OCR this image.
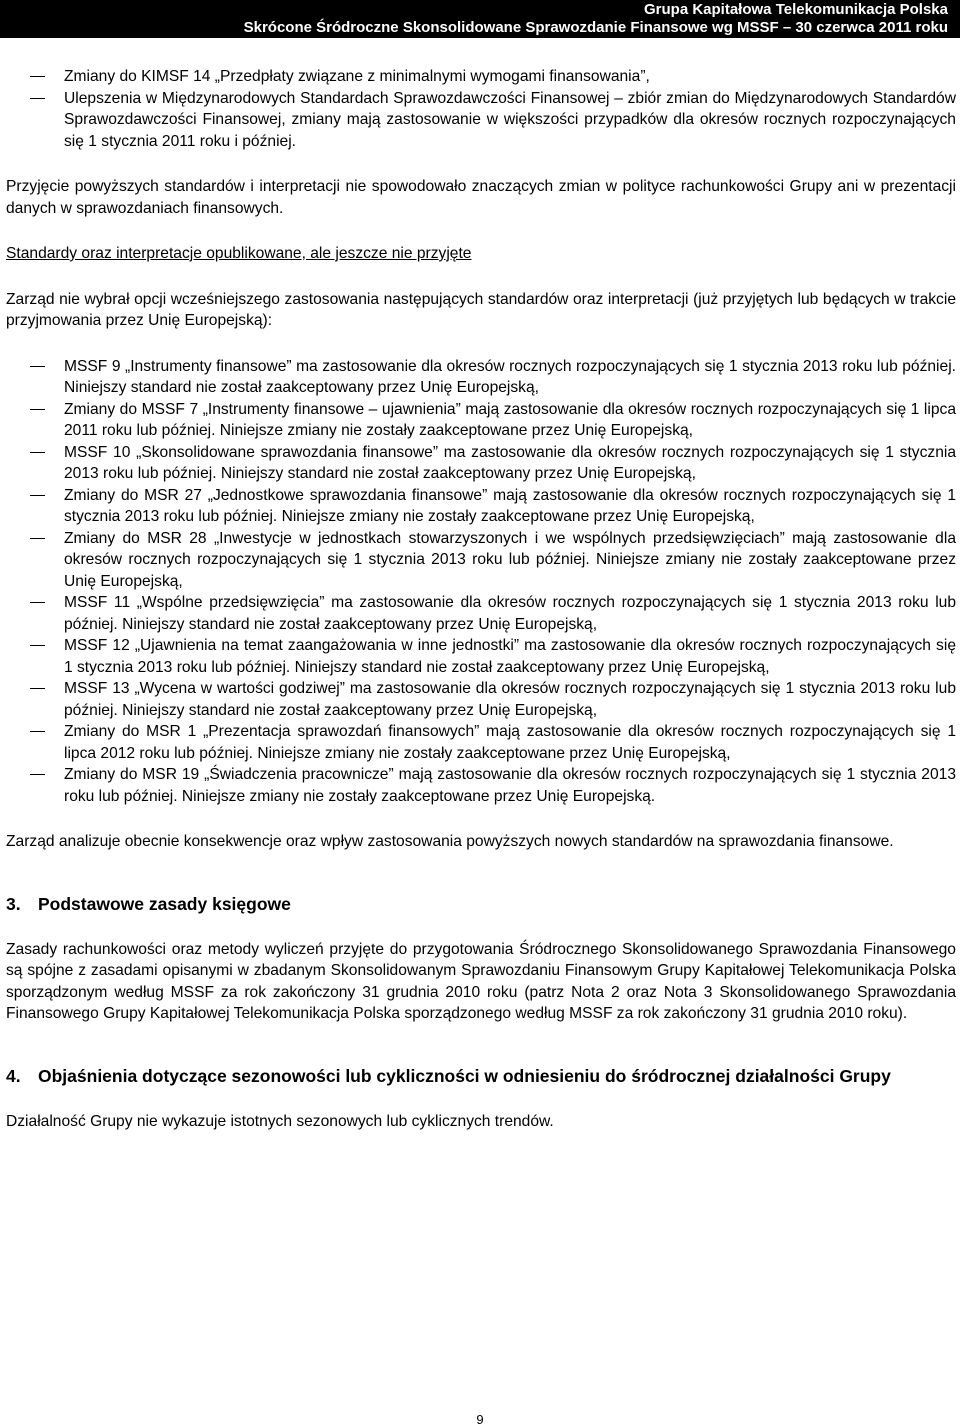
Grupa Kapitałowa Telekomunikacja Polska
Skrócone Śródroczne Skonsolidowane Sprawozdanie Finansowe wg MSSF – 30 czerwca 2011 roku
Zmiany do KIMSF 14 „Przedpłaty związane z minimalnymi wymogami finansowania”,
Ulepszenia w Międzynarodowych Standardach Sprawozdawczości Finansowej – zbiór zmian do Międzynarodowych Standardów Sprawozdawczości Finansowej, zmiany mają zastosowanie w większości przypadków dla okresów rocznych rozpoczynających się 1 stycznia 2011 roku i później.

Przyjęcie powyższych standardów i interpretacji nie spowodowało znaczących zmian w polityce rachunkowości Grupy ani w prezentacji danych w sprawozdaniach finansowych.

Standardy oraz interpretacje opublikowane, ale jeszcze nie przyjęte

Zarząd nie wybrał opcji wcześniejszego zastosowania następujących standardów oraz interpretacji (już przyjętych lub będących w trakcie przyjmowania przez Unię Europejską):

MSSF 9 „Instrumenty finansowe” ma zastosowanie dla okresów rocznych rozpoczynających się 1 stycznia 2013 roku lub później. Niniejszy standard nie został zaakceptowany przez Unię Europejską,
Zmiany do MSSF 7 „Instrumenty finansowe – ujawnienia” mają zastosowanie dla okresów rocznych rozpoczynających się 1 lipca 2011 roku lub później. Niniejsze zmiany nie zostały zaakceptowane przez Unię Europejską,
MSSF 10 „Skonsolidowane sprawozdania finansowe” ma zastosowanie dla okresów rocznych rozpoczynających się 1 stycznia 2013 roku lub później. Niniejszy standard nie został zaakceptowany przez Unię Europejską,
Zmiany do MSR 27 „Jednostkowe sprawozdania finansowe” mają zastosowanie dla okresów rocznych rozpoczynających się 1 stycznia 2013 roku lub później. Niniejsze zmiany nie zostały zaakceptowane przez Unię Europejską,
Zmiany do MSR 28 „Inwestycje w jednostkach stowarzyszonych i we wspólnych przedsięwzięciach” mają zastosowanie dla okresów rocznych rozpoczynających się 1 stycznia 2013 roku lub później. Niniejsze zmiany nie zostały zaakceptowane przez Unię Europejską,
MSSF 11 „Wspólne przedsięwzięcia” ma zastosowanie dla okresów rocznych rozpoczynających się 1 stycznia 2013 roku lub później. Niniejszy standard nie został zaakceptowany przez Unię Europejską,
MSSF 12 „Ujawnienia na temat zaangażowania w inne jednostki” ma zastosowanie dla okresów rocznych rozpoczynających się 1 stycznia 2013 roku lub później. Niniejszy standard nie został zaakceptowany przez Unię Europejską,
MSSF 13 „Wycena w wartości godziwej” ma zastosowanie dla okresów rocznych rozpoczynających się 1 stycznia 2013 roku lub później. Niniejszy standard nie został zaakceptowany przez Unię Europejską,
Zmiany do MSR 1 „Prezentacja sprawozdań finansowych” mają zastosowanie dla okresów rocznych rozpoczynających się 1 lipca 2012 roku lub później. Niniejsze zmiany nie zostały zaakceptowane przez Unię Europejską,
Zmiany do MSR 19 „Świadczenia pracownicze” mają zastosowanie dla okresów rocznych rozpoczynających się 1 stycznia 2013 roku lub później. Niniejsze zmiany nie zostały zaakceptowane przez Unię Europejską.

Zarząd analizuje obecnie konsekwencje oraz wpływ zastosowania powyższych nowych standardów na sprawozdania finansowe.

3. Podstawowe zasady księgowe

Zasady rachunkowości oraz metody wyliczeń przyjęte do przygotowania Śródrocznego Skonsolidowanego Sprawozdania Finansowego są spójne z zasadami opisanymi w zbadanym Skonsolidowanym Sprawozdaniu Finansowym Grupy Kapitałowej Telekomunikacja Polska sporządzonym według MSSF za rok zakończony 31 grudnia 2010 roku (patrz Nota 2 oraz Nota 3 Skonsolidowanego Sprawozdania Finansowego Grupy Kapitałowej Telekomunikacja Polska sporządzonego według MSSF za rok zakończony 31 grudnia 2010 roku).

4. Objaśnienia dotyczące sezonowości lub cykliczności w odniesieniu do śródrocznej działalności Grupy

Działalność Grupy nie wykazuje istotnych sezonowych lub cyklicznych trendów.

9
